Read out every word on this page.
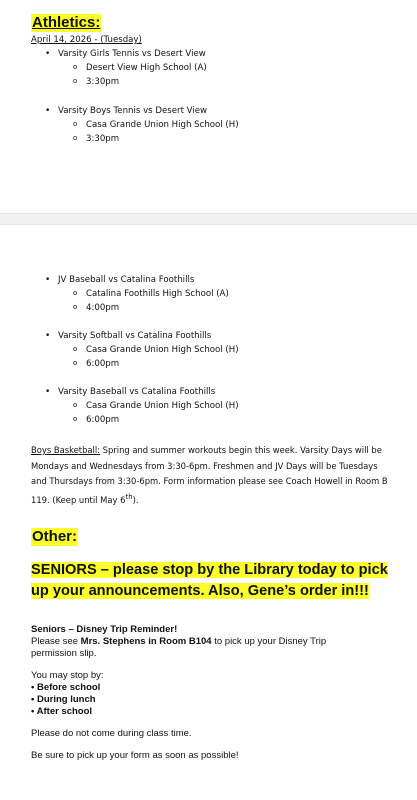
Athletics:
April 14, 2026 - (Tuesday)
• Varsity Girls Tennis vs Desert View
o Desert View High School (A)
o 3:30pm
• Varsity Boys Tennis vs Desert View
o Casa Grande Union High School (H)
o 3:30pm
• JV Baseball vs Catalina Foothills
o Catalina Foothills High School (A)
o 4:00pm
• Varsity Softball vs Catalina Foothills
o Casa Grande Union High School (H)
o 6:00pm
• Varsity Baseball vs Catalina Foothills
o Casa Grande Union High School (H)
o 6:00pm
Boys Basketball: Spring and summer workouts begin this week. Varsity Days will be Mondays and Wednesdays from 3:30-6pm. Freshmen and JV Days will be Tuesdays and Thursdays from 3:30-6pm. Form information please see Coach Howell in Room B 119. (Keep until May 6th).
Other:
SENIORS – please stop by the Library today to pick up your announcements. Also, Gene’s order in!!!
Seniors – Disney Trip Reminder!
Please see Mrs. Stephens in Room B104 to pick up your Disney Trip
permission slip.
You may stop by:
• Before school
• During lunch
• After school
Please do not come during class time.
Be sure to pick up your form as soon as possible!
